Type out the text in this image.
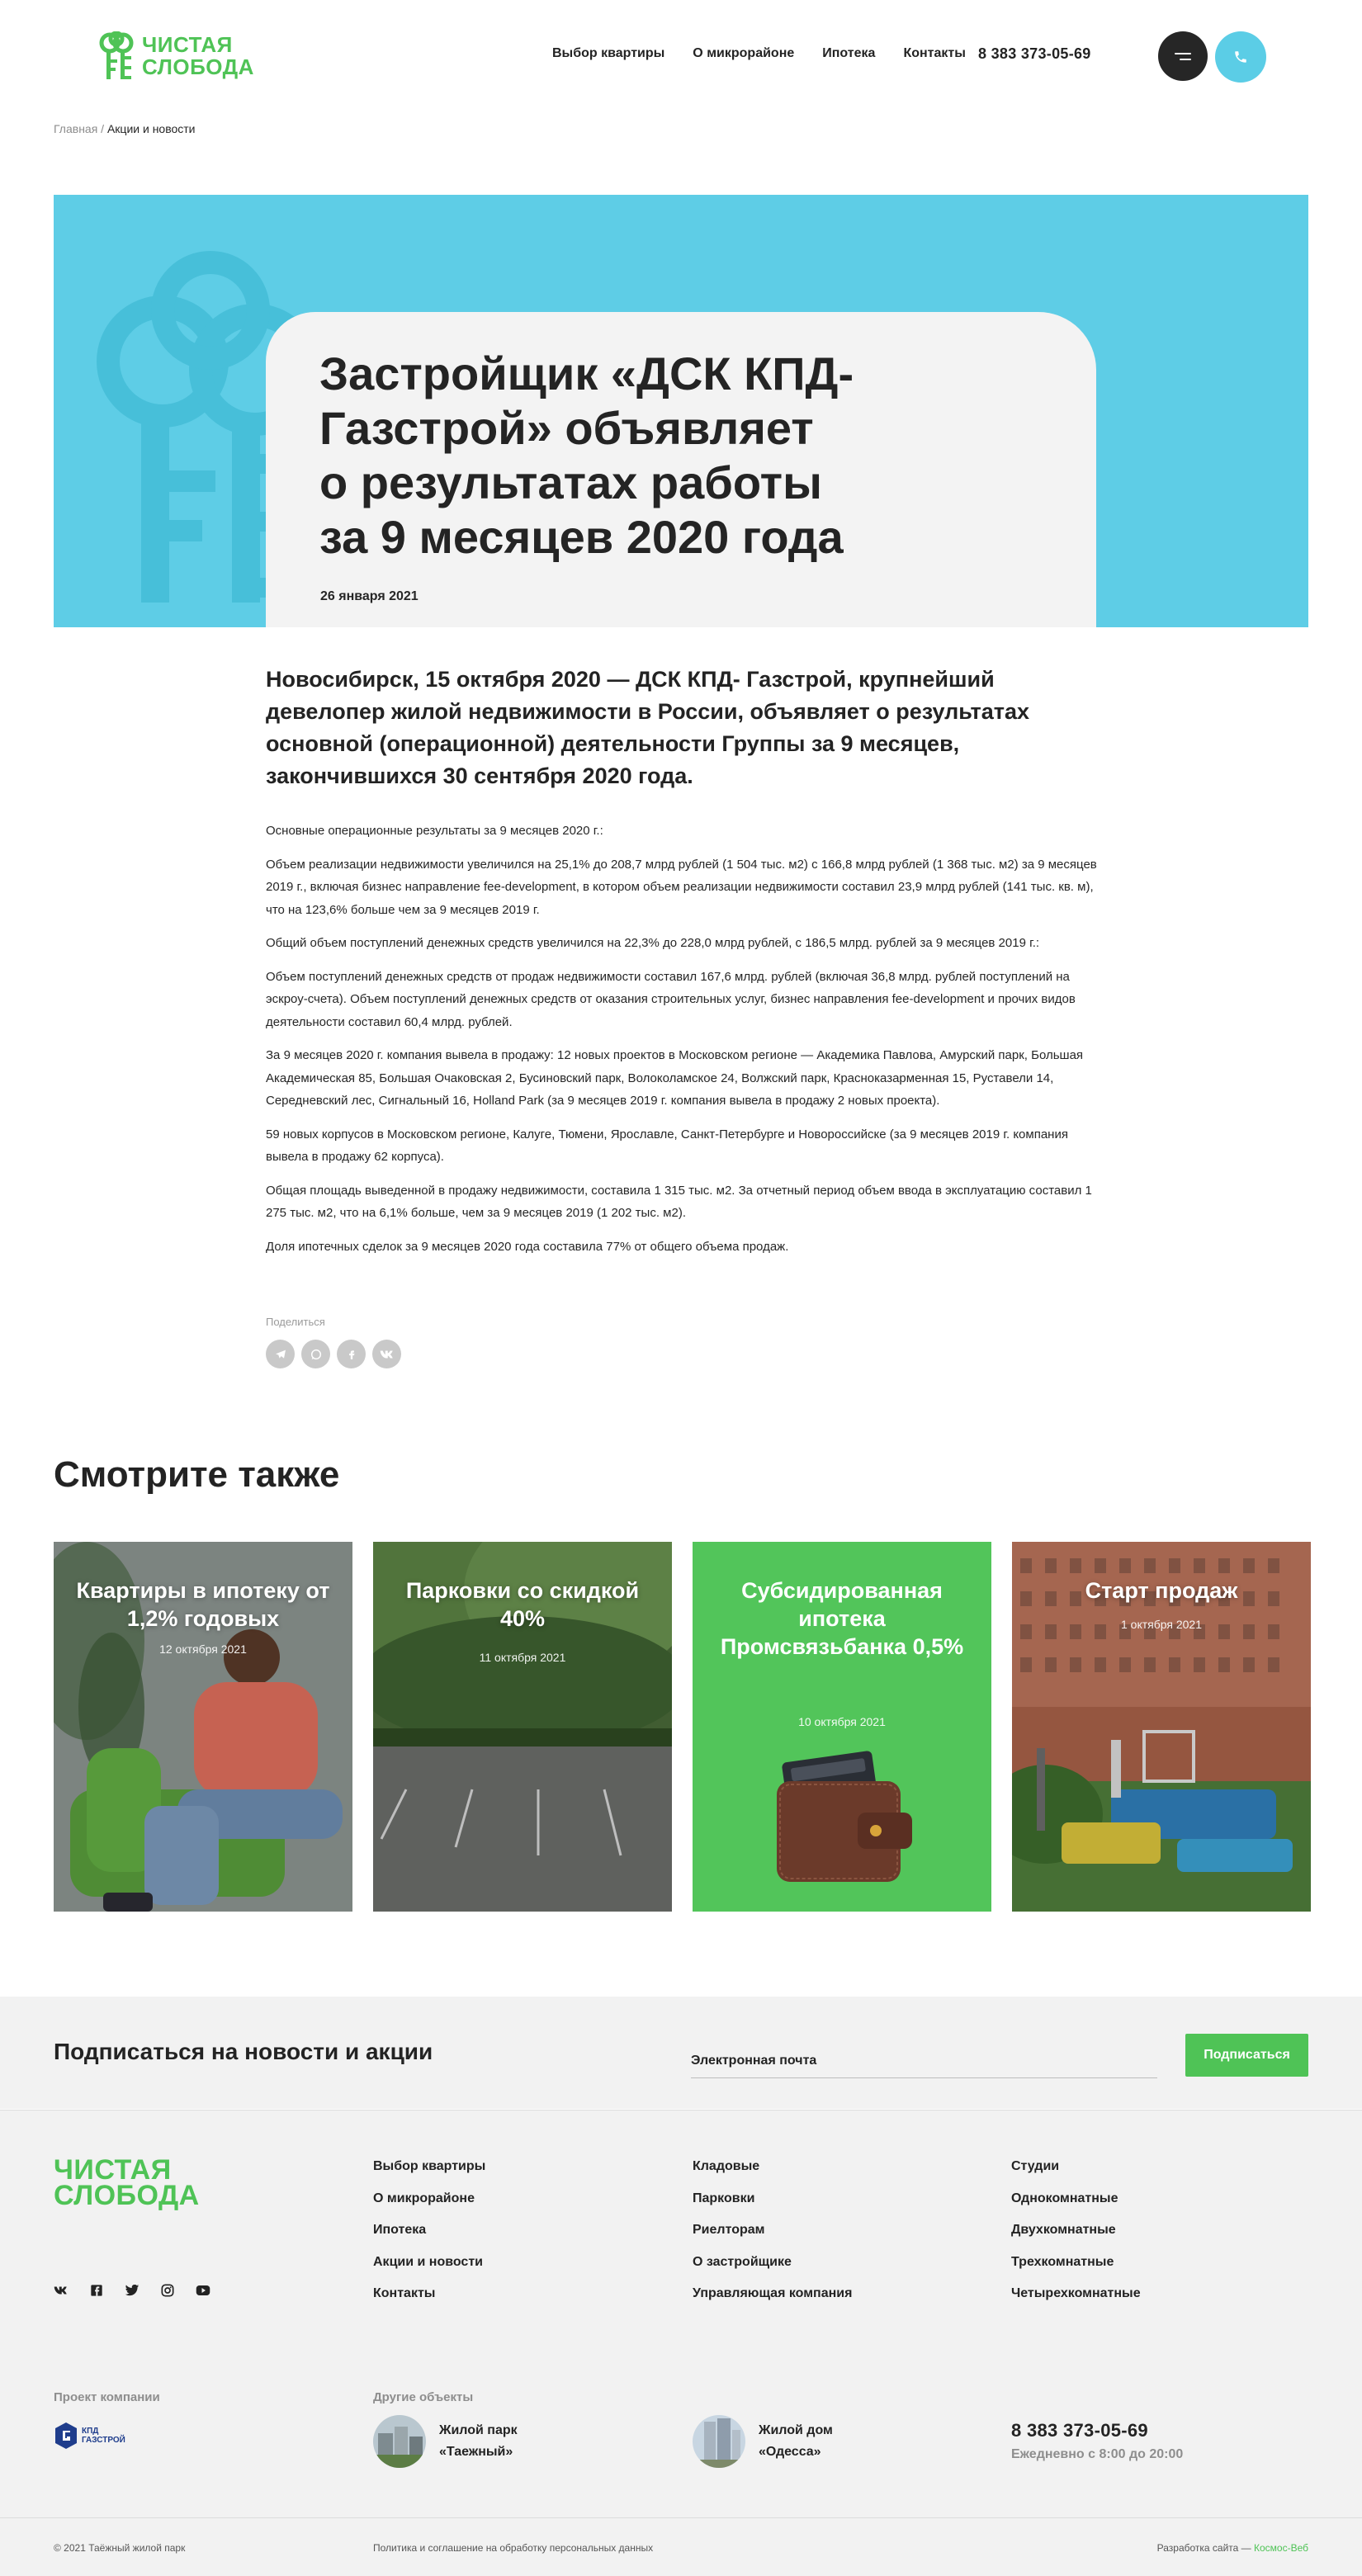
ЧИСТАЯ
СЛОБОДА
Выбор квартиры О микрорайоне Ипотека Контакты 8 383 373-05-69
Главная / Акции и новости
Застройщик «ДСК КПД-
Газстрой» объявляет
о результатах работы
за 9 месяцев 2020 года
26 января 2021
Новосибирск, 15 октября 2020 — ДСК КПД- Газстрой, крупнейший девелопер жилой недвижимости в России, объявляет о результатах основной (операционной) деятельности Группы за 9 месяцев, закончившихся 30 сентября 2020 года.

Основные операционные результаты за 9 месяцев 2020 г.:

Объем реализации недвижимости увеличился на 25,1% до 208,7 млрд рублей (1 504 тыс. м2) с 166,8 млрд рублей (1 368 тыс. м2) за 9 месяцев 2019 г., включая бизнес направление fee-development, в котором объем реализации недвижимости составил 23,9 млрд рублей (141 тыс. кв. м), что на 123,6% больше чем за 9 месяцев 2019 г.

Общий объем поступлений денежных средств увеличился на 22,3% до 228,0 млрд рублей, с 186,5 млрд. рублей за 9 месяцев 2019 г.:

Объем поступлений денежных средств от продаж недвижимости составил 167,6 млрд. рублей (включая 36,8 млрд. рублей поступлений на эскроу-счета). Объем поступлений денежных средств от оказания строительных услуг, бизнес направления fee-development и прочих видов деятельности составил 60,4 млрд. рублей.

За 9 месяцев 2020 г. компания вывела в продажу: 12 новых проектов в Московском регионе — Академика Павлова, Амурский парк, Большая Академическая 85, Большая Очаковская 2, Бусиновский парк, Волоколамское 24, Волжский парк, Красноказарменная 15, Руставели 14, Середневский лес, Сигнальный 16, Holland Park (за 9 месяцев 2019 г. компания вывела в продажу 2 новых проекта).

59 новых корпусов в Московском регионе, Калуге, Тюмени, Ярославле, Санкт-Петербурге и Новороссийске (за 9 месяцев 2019 г. компания вывела в продажу 62 корпуса).

Общая площадь выведенной в продажу недвижимости, составила 1 315 тыс. м2. За отчетный период объем ввода в эксплуатацию составил 1 275 тыс. м2, что на 6,1% больше, чем за 9 месяцев 2019 (1 202 тыс. м2).

Доля ипотечных сделок за 9 месяцев 2020 года составила 77% от общего объема продаж.

Поделиться
Смотрите также
Квартиры в ипотеку от 1,2% годовых
12 октября 2021
Парковки со скидкой 40%
11 октября 2021
Субсидированная ипотека Промсвязьбанка 0,5%
10 октября 2021
Старт продаж
1 октября 2021
Подписаться на новости и акции
Электронная почта	Подписаться
ЧИСТАЯ
СЛОБОДА
Выбор квартиры
О микрорайоне
Ипотека
Акции и новости
Контакты
Кладовые
Парковки
Риелторам
О застройщике
Управляющая компания
Студии
Однокомнатные
Двухкомнатные
Трехкомнатные
Четырехкомнатные
Проект компании
КПД
ГАЗСТРОЙ
Другие объекты
Жилой парк «Таежный»
Жилой дом «Одесса»
8 383 373-05-69
Ежедневно с 8:00 до 20:00
© 2021 Таёжный жилой парк	Политика и соглашение на обработку персональных данных	Разработка сайта — Космос-Веб
